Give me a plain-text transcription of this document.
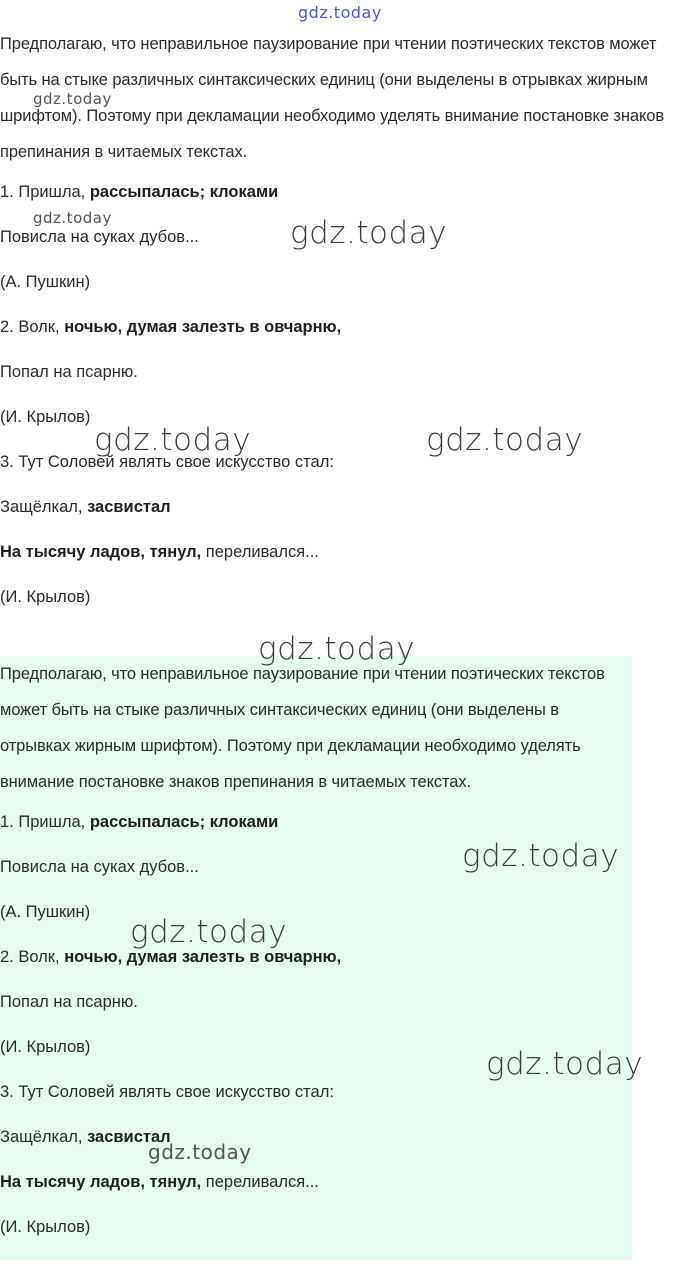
Предполагаю, что неправильное паузирование при чтении поэтических текстов может быть на стыке различных синтаксических единиц (они выделены в отрывках жирным шрифтом). Поэтому при декламации необходимо уделять внимание постановке знаков препинания в читаемых текстах.

1. Пришла, рассыпалась; клоками

Повисла на суках дубов...

(А. Пушкин)

2. Волк, ночью, думая залезть в овчарню,

Попал на псарню.

(И. Крылов)

3. Тут Соловей являть свое искусство стал:

Защёлкал, засвистал

На тысячу ладов, тянул, переливался...

(И. Крылов)

Предполагаю, что неправильное паузирование при чтении поэтических текстов может быть на стыке различных синтаксических единиц (они выделены в отрывках жирным шрифтом). Поэтому при декламации необходимо уделять внимание постановке знаков препинания в читаемых текстах.

1. Пришла, рассыпалась; клоками

Повисла на суках дубов...

(А. Пушкин)

2. Волк, ночью, думая залезть в овчарню,

Попал на псарню.

(И. Крылов)

3. Тут Соловей являть свое искусство стал:

Защёлкал, засвистал

На тысячу ладов, тянул, переливался...

(И. Крылов)

gdz.today
gdz.today
gdz.today	gdz.today
gdz.today	gdz.today
gdz.today
gdz.today
gdz.today
gdz.today
gdz.today
